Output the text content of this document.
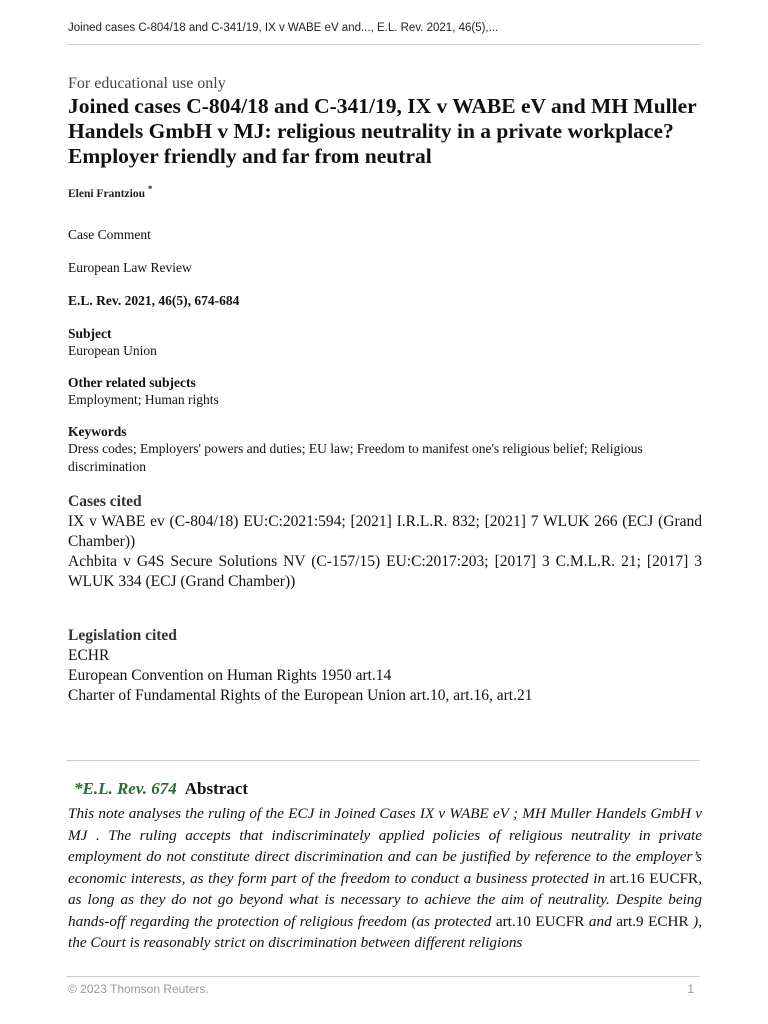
Joined cases C-804/18 and C-341/19, IX v WABE eV and..., E.L. Rev. 2021, 46(5),...

For educational use only

Joined cases C-804/18 and C-341/19, IX v WABE eV and MH Muller Handels GmbH v MJ: religious neutrality in a private workplace? Employer friendly and far from neutral
Eleni Frantziou *

Case Comment

European Law Review

E.L. Rev. 2021, 46(5), 674-684

Subject

European Union

Other related subjects

Employment; Human rights

Keywords

Dress codes; Employers' powers and duties; EU law; Freedom to manifest one's religious belief; Religious discrimination

Cases cited

IX v WABE ev (C-804/18) EU:C:2021:594; [2021] I.R.L.R. 832; [2021] 7 WLUK 266 (ECJ (Grand Chamber))

Achbita v G4S Secure Solutions NV (C-157/15) EU:C:2017:203; [2017] 3 C.M.L.R. 21; [2017] 3 WLUK 334 (ECJ (Grand Chamber))

Legislation cited

ECHR

European Convention on Human Rights 1950 art.14

Charter of Fundamental Rights of the European Union art.10, art.16, art.21

*E.L. Rev. 674 Abstract

This note analyses the ruling of the ECJ in Joined Cases IX v WABE eV ; MH Muller Handels GmbH v MJ . The ruling accepts that indiscriminately applied policies of religious neutrality in private employment do not constitute direct discrimination and can be justified by reference to the employer’s economic interests, as they form part of the freedom to conduct a business protected in art.16 EUCFR, as long as they do not go beyond what is necessary to achieve the aim of neutrality. Despite being hands-off regarding the protection of religious freedom (as protected art.10 EUCFR and art.9 ECHR ), the Court is reasonably strict on discrimination between different religions

© 2023 Thomson Reuters.	1
